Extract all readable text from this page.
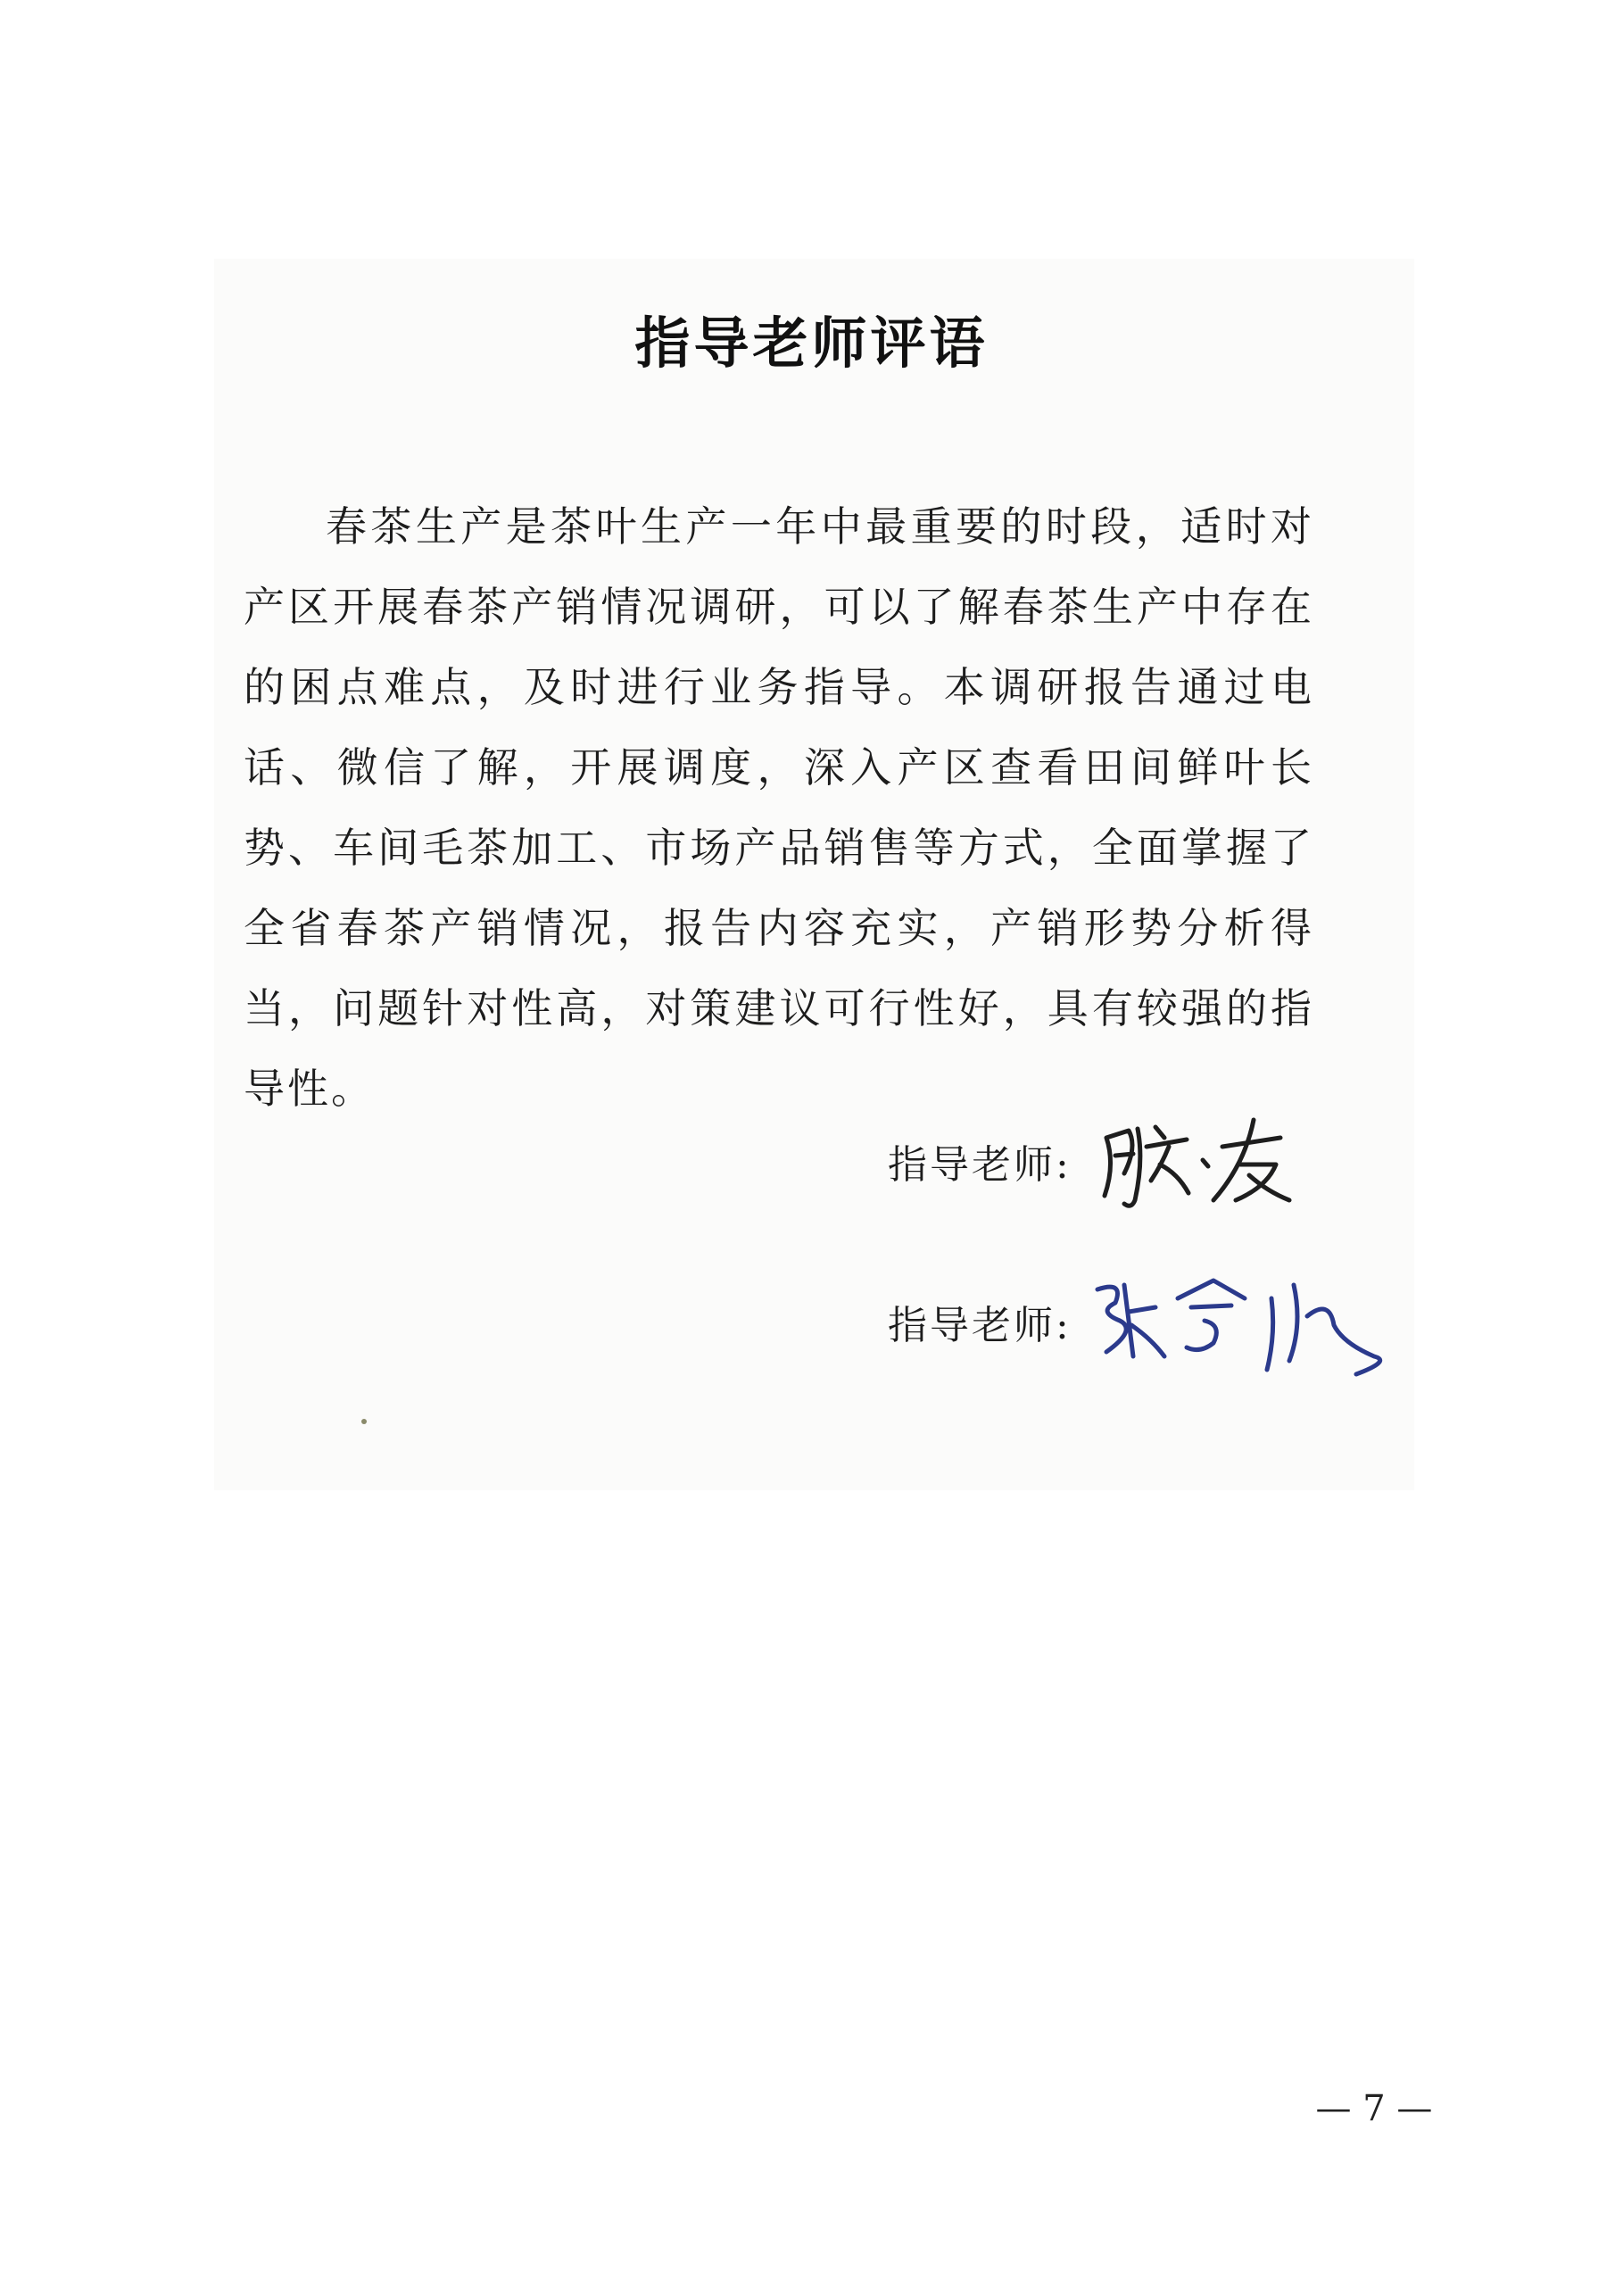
指导老师评语

春茶生产是茶叶生产一年中最重要的时段，适时对产区开展春茶产销情况调研，可以了解春茶生产中存在的困点难点，及时进行业务指导。本调研报告通过电话、微信了解，开展调度，深入产区查看田间鲜叶长势、车间毛茶加工、市场产品销售等方式，全面掌握了全省春茶产销情况，报告内容充实，产销形势分析得当，问题针对性高，对策建议可行性好，具有较强的指导性。

指导老师:
指导老师:
— 7 —
